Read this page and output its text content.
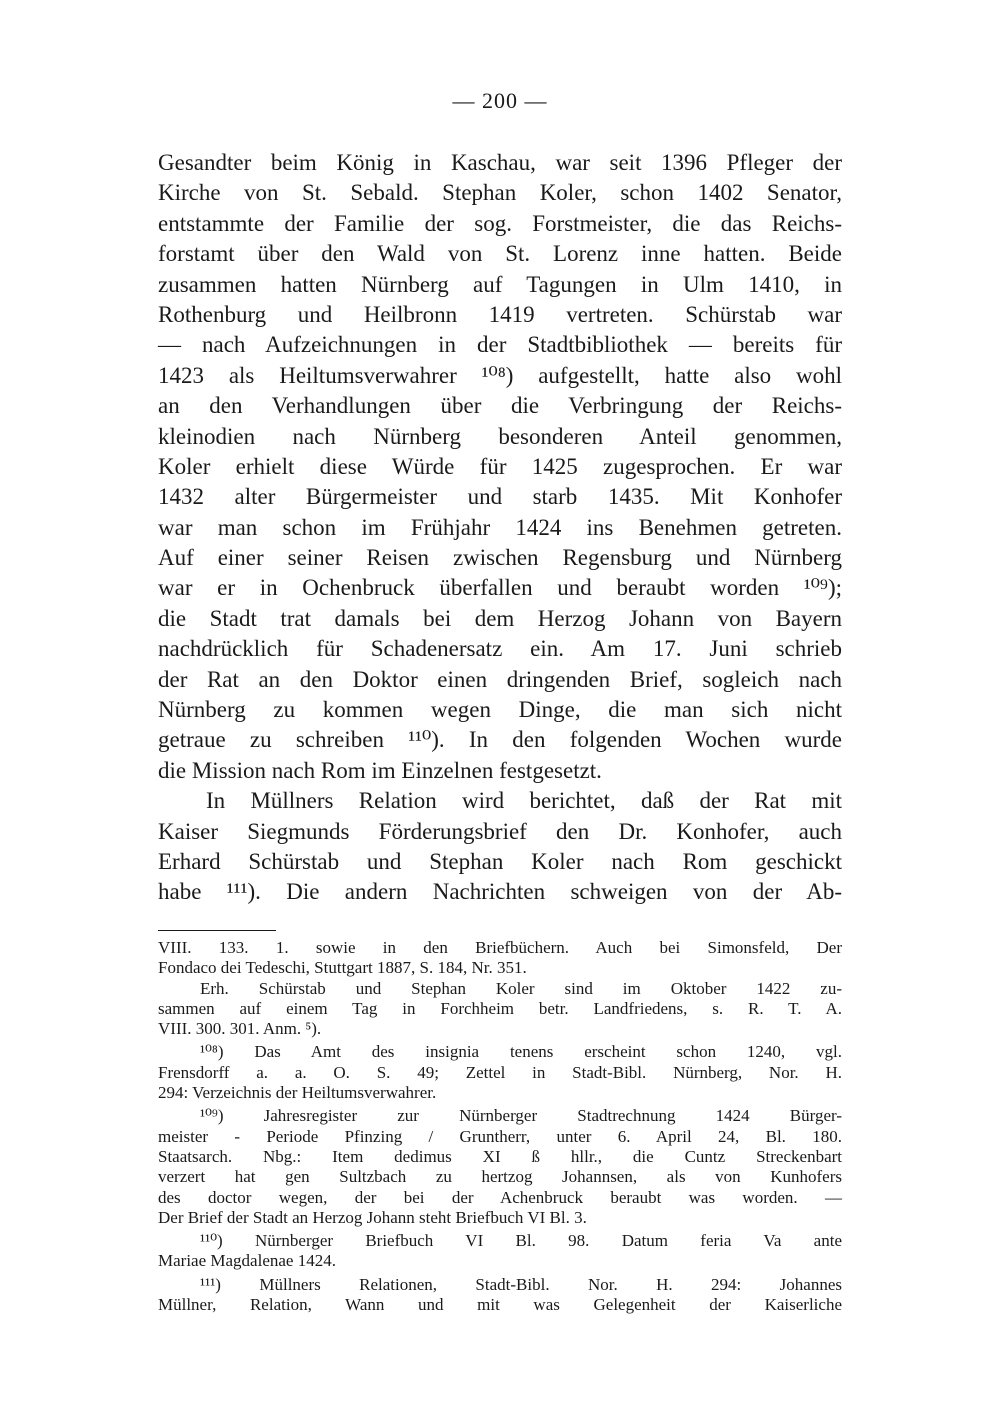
— 200 —
Gesandter beim König in Kaschau, war seit 1396 Pfleger der
Kirche von St. Sebald. Stephan Koler, schon 1402 Senator,
entstammte der Familie der sog. Forstmeister, die das Reichs-
forstamt über den Wald von St. Lorenz inne hatten. Beide
zusammen hatten Nürnberg auf Tagungen in Ulm 1410, in
Rothenburg und Heilbronn 1419 vertreten. Schürstab war
— nach Aufzeichnungen in der Stadtbibliothek — bereits für
1423 als Heiltumsverwahrer ¹⁰⁸) aufgestellt, hatte also wohl
an den Verhandlungen über die Verbringung der Reichs-
kleinodien nach Nürnberg besonderen Anteil genommen,
Koler erhielt diese Würde für 1425 zugesprochen. Er war
1432 alter Bürgermeister und starb 1435. Mit Konhofer
war man schon im Frühjahr 1424 ins Benehmen getreten.
Auf einer seiner Reisen zwischen Regensburg und Nürnberg
war er in Ochenbruck überfallen und beraubt worden ¹⁰⁹);
die Stadt trat damals bei dem Herzog Johann von Bayern
nachdrücklich für Schadenersatz ein. Am 17. Juni schrieb
der Rat an den Doktor einen dringenden Brief, sogleich nach
Nürnberg zu kommen wegen Dinge, die man sich nicht
getraue zu schreiben ¹¹⁰). In den folgenden Wochen wurde
die Mission nach Rom im Einzelnen festgesetzt.
In Müllners Relation wird berichtet, daß der Rat mit
Kaiser Siegmunds Förderungsbrief den Dr. Konhofer, auch
Erhard Schürstab und Stephan Koler nach Rom geschickt
habe ¹¹¹). Die andern Nachrichten schweigen von der Ab-
VIII. 133. 1. sowie in den Briefbüchern. Auch bei Simonsfeld, Der
Fondaco dei Tedeschi, Stuttgart 1887, S. 184, Nr. 351.
Erh. Schürstab und Stephan Koler sind im Oktober 1422 zu-
sammen auf einem Tag in Forchheim betr. Landfriedens, s. R. T. A.
VIII. 300. 301. Anm. ⁵).
¹⁰⁸) Das Amt des insignia tenens erscheint schon 1240, vgl.
Frensdorff a. a. O. S. 49; Zettel in Stadt-Bibl. Nürnberg, Nor. H.
294: Verzeichnis der Heiltumsverwahrer.
¹⁰⁹) Jahresregister zur Nürnberger Stadtrechnung 1424 Bürger-
meister - Periode Pfinzing / Gruntherr, unter 6. April 24, Bl. 180.
Staatsarch. Nbg.: Item dedimus XI ß hllr., die Cuntz Streckenbart
verzert hat gen Sultzbach zu hertzog Johannsen, als von Kunhofers
des doctor wegen, der bei der Achenbruck beraubt was worden. —
Der Brief der Stadt an Herzog Johann steht Briefbuch VI Bl. 3.
¹¹⁰) Nürnberger Briefbuch VI Bl. 98. Datum feria Va ante
Mariae Magdalenae 1424.
¹¹¹) Müllners Relationen, Stadt-Bibl. Nor. H. 294: Johannes
Müllner, Relation, Wann und mit was Gelegenheit der Kaiserliche
